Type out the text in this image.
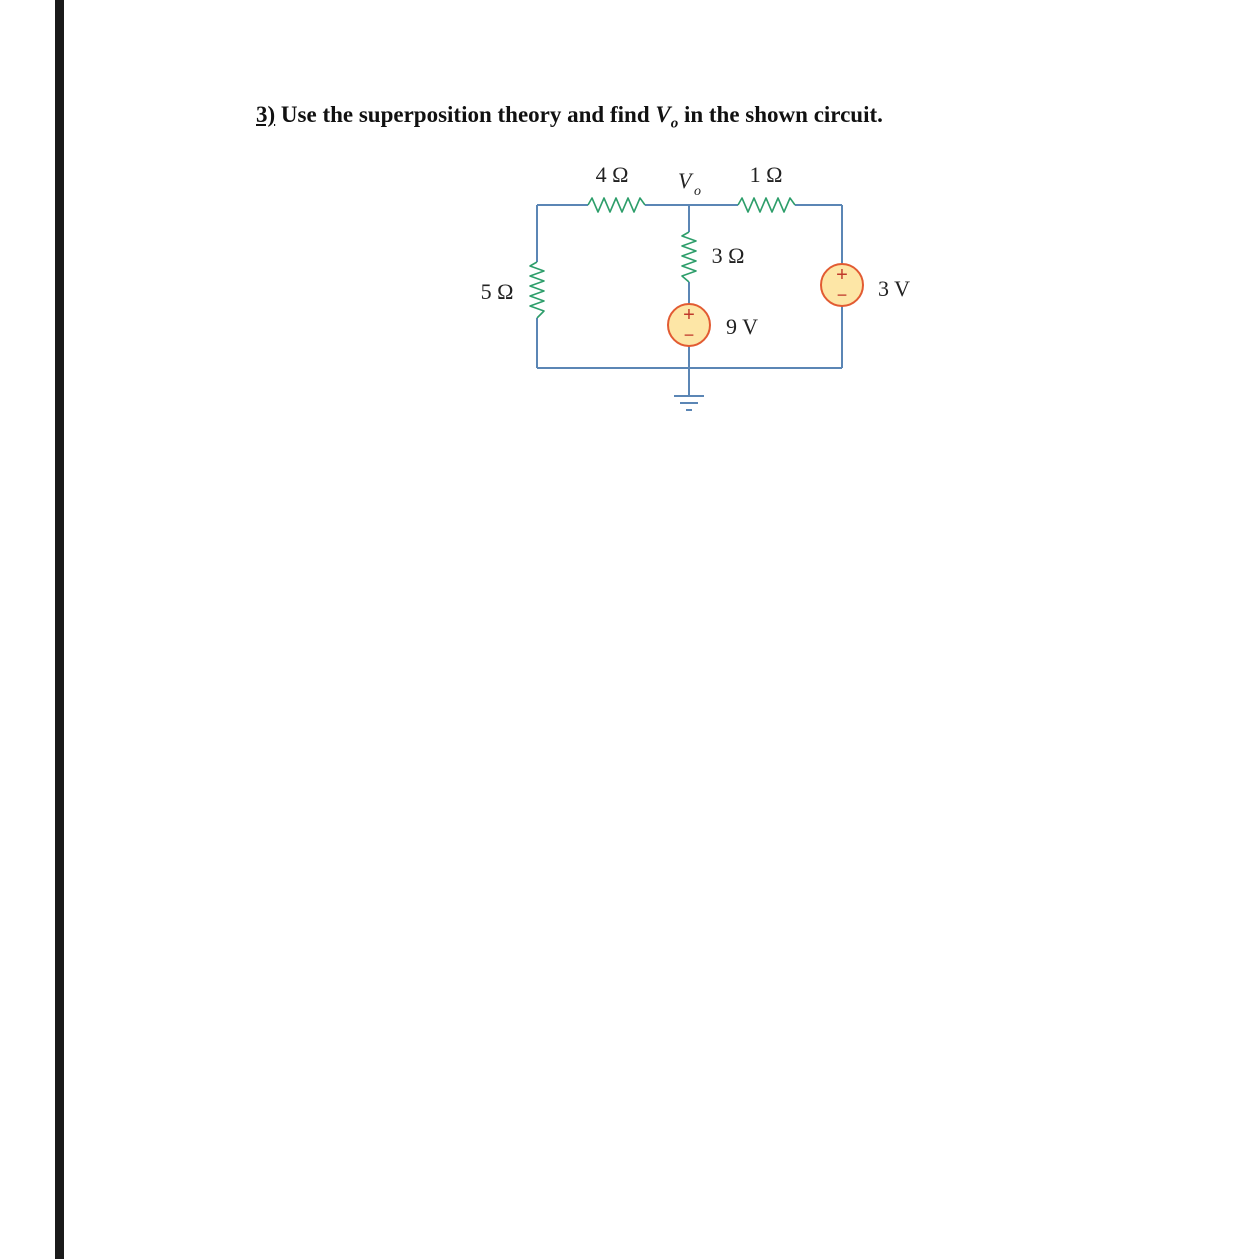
3) Use the superposition theory and find $V_o$ in the shown circuit.
+
−
+
−
4 Ω	1 Ω
3 Ω
5 Ω
9 V
3 V
V o
